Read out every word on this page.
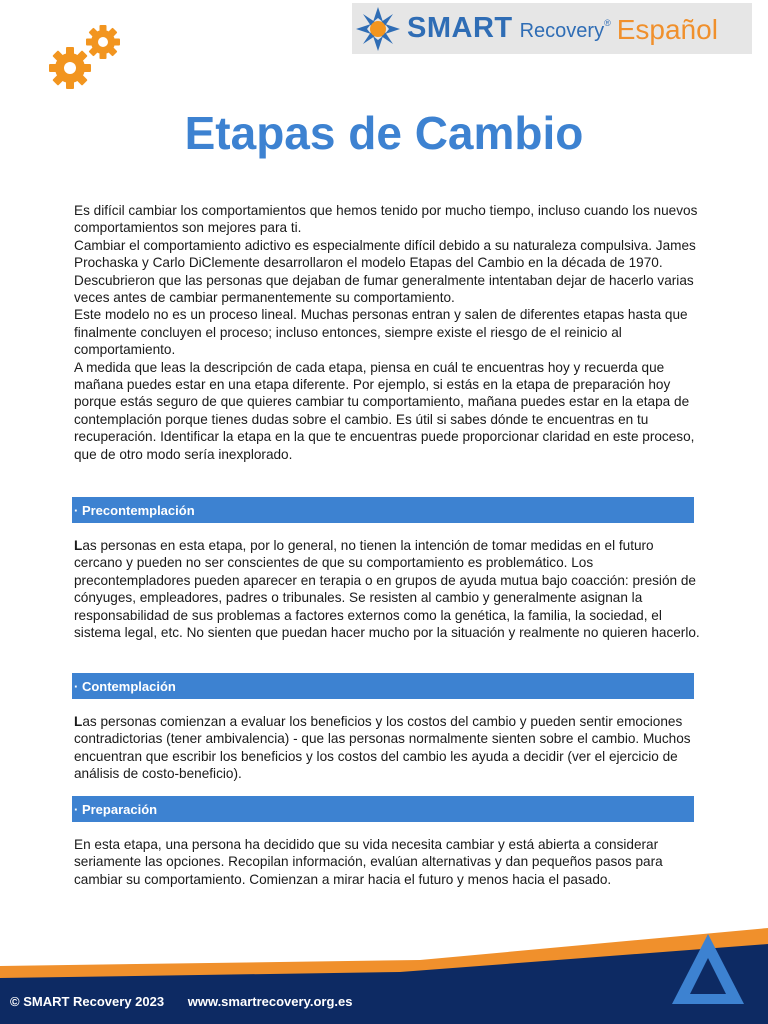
SMART Recovery® Español
Etapas de Cambio

Es difícil cambiar los comportamientos que hemos tenido por mucho tiempo, incluso cuando los nuevos comportamientos son mejores para ti.

Cambiar el comportamiento adictivo es especialmente difícil debido a su naturaleza compulsiva. James Prochaska y Carlo DiClemente desarrollaron el modelo Etapas del Cambio en la década de 1970.

Descubrieron que las personas que dejaban de fumar generalmente intentaban dejar de hacerlo varias veces antes de cambiar permanentemente su comportamiento.

Este modelo no es un proceso lineal. Muchas personas entran y salen de diferentes etapas hasta que finalmente concluyen el proceso; incluso entonces, siempre existe el riesgo de el reinicio al comportamiento.

A medida que leas la descripción de cada etapa, piensa en cuál te encuentras hoy y recuerda que mañana puedes estar en una etapa diferente. Por ejemplo, si estás en la etapa de preparación hoy porque estás seguro de que quieres cambiar tu comportamiento, mañana puedes estar en la etapa de contemplación porque tienes dudas sobre el cambio. Es útil si sabes dónde te encuentras en tu recuperación. Identificar la etapa en la que te encuentras puede proporcionar claridad en este proceso, que de otro modo sería inexplorado.

· Precontemplación

Las personas en esta etapa, por lo general, no tienen la intención de tomar medidas en el futuro cercano y pueden no ser conscientes de que su comportamiento es problemático. Los precontempladores pueden aparecer en terapia o en grupos de ayuda mutua bajo coacción: presión de cónyuges, empleadores, padres o tribunales. Se resisten al cambio y generalmente asignan la responsabilidad de sus problemas a factores externos como la genética, la familia, la sociedad, el sistema legal, etc. No sienten que puedan hacer mucho por la situación y realmente no quieren hacerlo.

· Contemplación

Las personas comienzan a evaluar los beneficios y los costos del cambio y pueden sentir emociones contradictorias (tener ambivalencia) - que las personas normalmente sienten sobre el cambio. Muchos encuentran que escribir los beneficios y los costos del cambio les ayuda a decidir (ver el ejercicio de análisis de costo-beneficio).

· Preparación

En esta etapa, una persona ha decidido que su vida necesita cambiar y está abierta a considerar seriamente las opciones. Recopilan información, evalúan alternativas y dan pequeños pasos para cambiar su comportamiento. Comienzan a mirar hacia el futuro y menos hacia el pasado.

© SMART Recovery 2023 www.smartrecovery.org.es
